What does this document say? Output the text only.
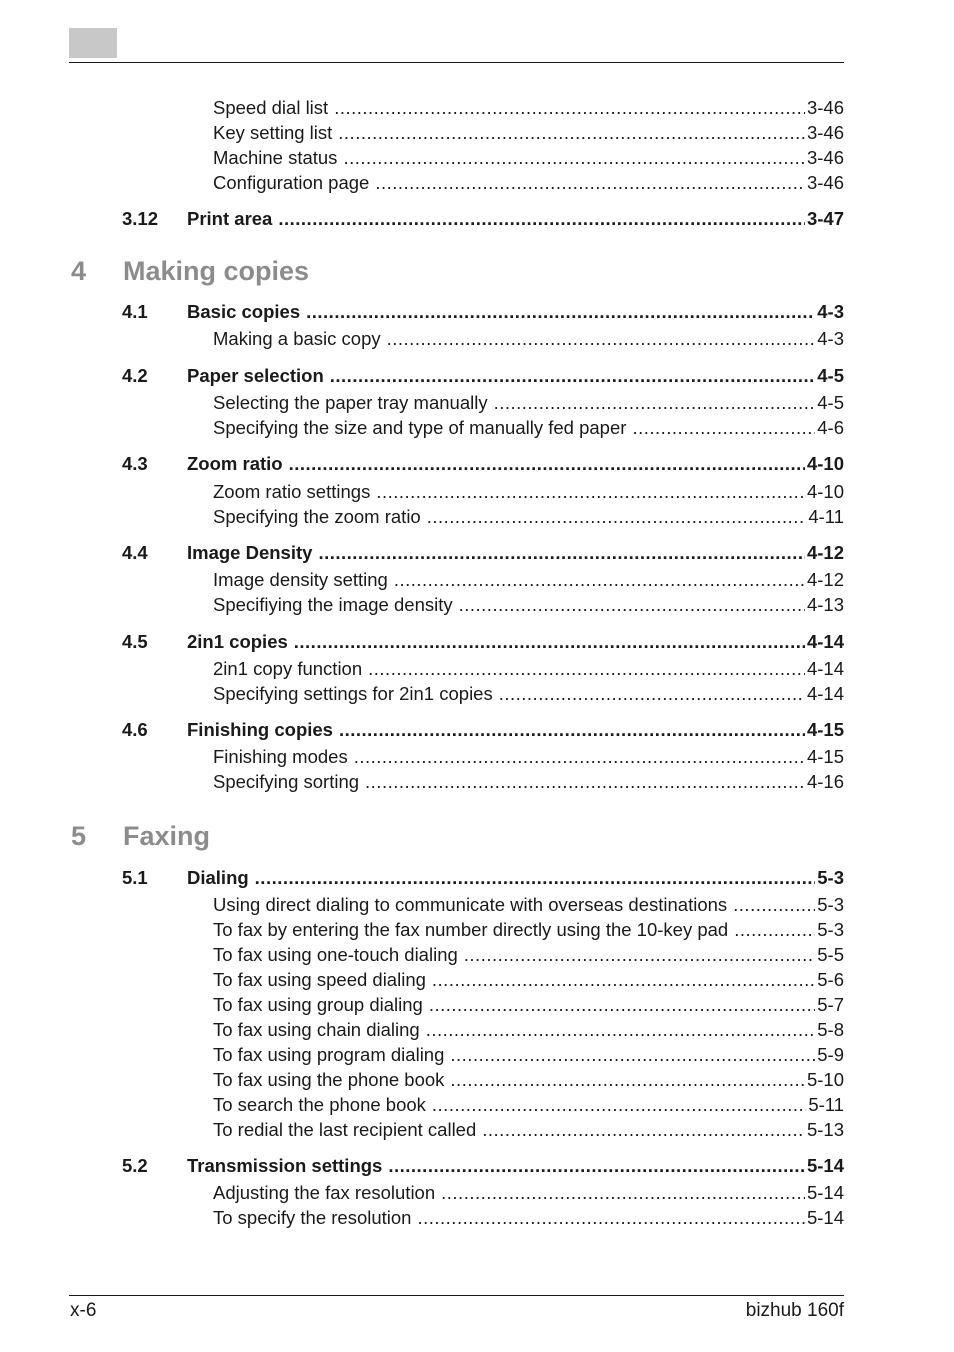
Speed dial list .....	3-46
Key setting list .....	3-46
Machine status .....	3-46
Configuration page .....	3-46
3.12	Print area .....	3-47
4 Making copies
4.1	Basic copies .....	4-3
Making a basic copy .....	4-3
4.2	Paper selection .....	4-5
Selecting the paper tray manually .....	4-5
Specifying the size and type of manually fed paper .....	4-6
4.3	Zoom ratio .....	4-10
Zoom ratio settings .....	4-10
Specifying the zoom ratio .....	4-11
4.4	Image Density .....	4-12
Image density setting .....	4-12
Specifiying the image density .....	4-13
4.5	2in1 copies .....	4-14
2in1 copy function .....	4-14
Specifying settings for 2in1 copies .....	4-14
4.6	Finishing copies .....	4-15
Finishing modes .....	4-15
Specifying sorting .....	4-16
5 Faxing
5.1	Dialing .....	5-3
Using direct dialing to communicate with overseas destinations .....	5-3
To fax by entering the fax number directly using the 10-key pad .....	5-3
To fax using one-touch dialing .....	5-5
To fax using speed dialing .....	5-6
To fax using group dialing .....	5-7
To fax using chain dialing .....	5-8
To fax using program dialing .....	5-9
To fax using the phone book .....	5-10
To search the phone book .....	5-11
To redial the last recipient called .....	5-13
5.2	Transmission settings .....	5-14
Adjusting the fax resolution .....	5-14
To specify the resolution .....	5-14
x-6	bizhub 160f
